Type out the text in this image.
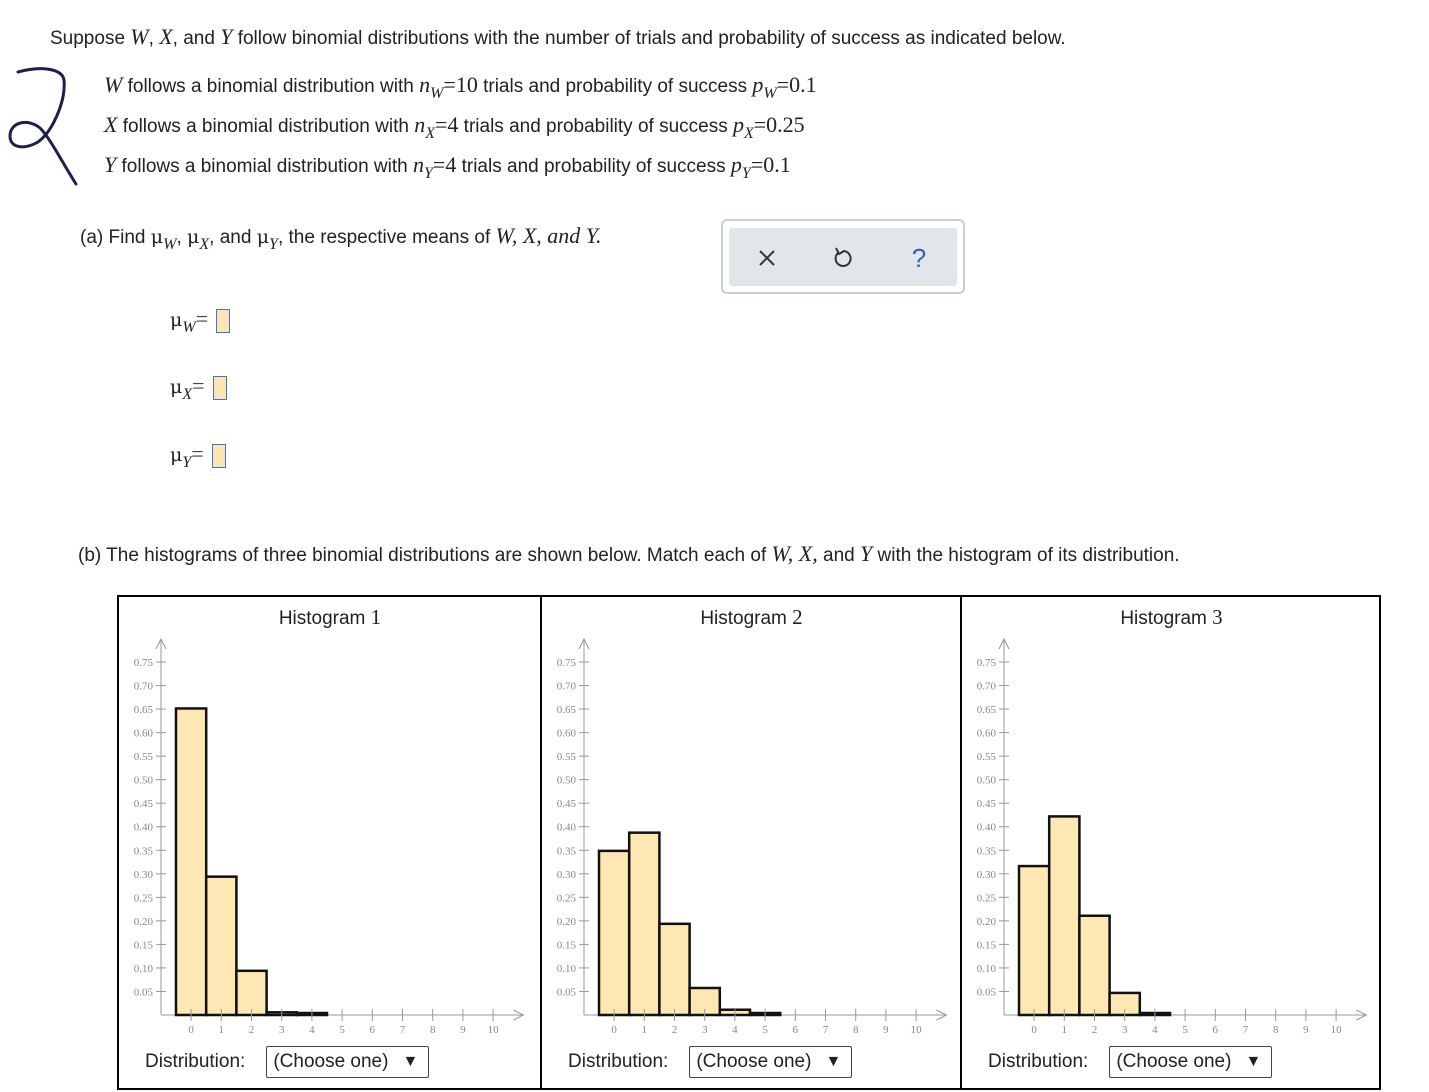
Suppose W, X, and Y follow binomial distributions with the number of trials and probability of success as indicated below.
W follows a binomial distribution with $n_W=10$ trials and probability of success $p_W=0.1$
X follows a binomial distribution with $n_X=4$ trials and probability of success $p_X=0.25$
Y follows a binomial distribution with $n_Y=4$ trials and probability of success $p_Y=0.1$
(a) Find $\mu_W$, $\mu_X$, and $\mu_Y$, the respective means of W, X, and Y.
?
$\mu_W=$
$\mu_X=$
$\mu_Y=$
(b) The histograms of three binomial distributions are shown below. Match each of W, X, and Y with the histogram of its distribution.
Histogram 1
0.05
0.10
0.15
0.20
0.25
0.30
0.35
0.40
0.45
0.50
0.55
0.60
0.65
0.70
0.75
0 1 2 3 4 5 6 7 8 9 10
Distribution: (Choose one) ▼
Histogram 2
0.05
0.10
0.15
0.20
0.25
0.30
0.35
0.40
0.45
0.50
0.55
0.60
0.65
0.70
0.75
0 1 2 3 4 5 6 7 8 9 10
Distribution: (Choose one) ▼
Histogram 3
0.05
0.10
0.15
0.20
0.25
0.30
0.35
0.40
0.45
0.50
0.55
0.60
0.65
0.70
0.75
0 1 2 3 4 5 6 7 8 9 10
Distribution: (Choose one) ▼
